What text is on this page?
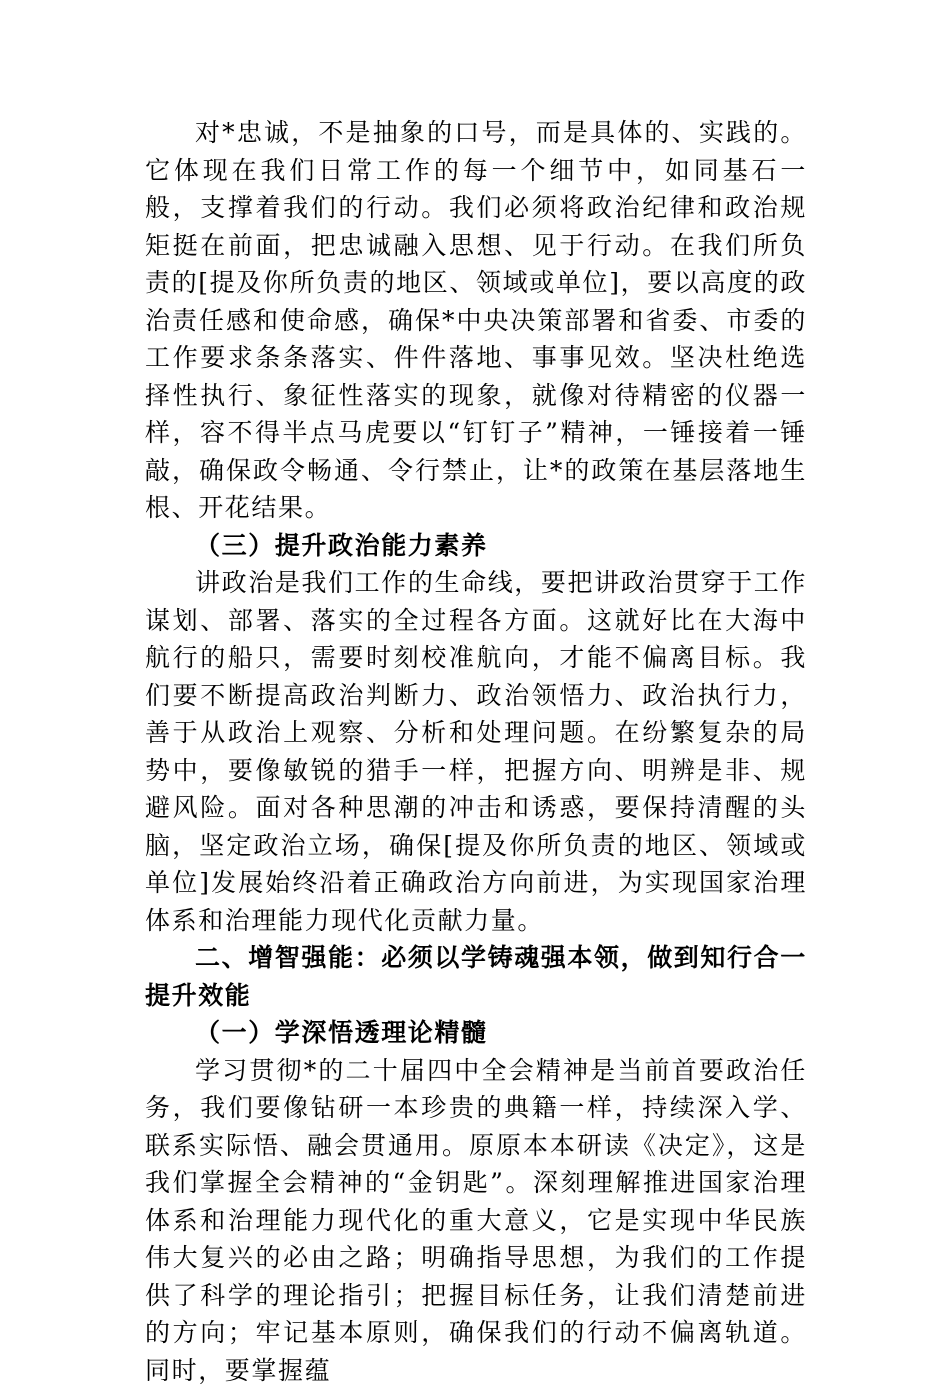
对*忠诚，不是抽象的口号，而是具体的、实践的。它体现在我们日常工作的每一个细节中，如同基石一般，支撑着我们的行动。我们必须将政治纪律和政治规矩挺在前面，把忠诚融入思想、见于行动。在我们所负责的[提及你所负责的地区、领域或单位]，要以高度的政治责任感和使命感，确保*中央决策部署和省委、市委的工作要求条条落实、件件落地、事事见效。坚决杜绝选择性执行、象征性落实的现象，就像对待精密的仪器一样，容不得半点马虎要以“钉钉子”精神，一锤接着一锤敲，确保政令畅通、令行禁止，让*的政策在基层落地生根、开花结果。

（三）提升政治能力素养

讲政治是我们工作的生命线，要把讲政治贯穿于工作谋划、部署、落实的全过程各方面。这就好比在大海中航行的船只，需要时刻校准航向，才能不偏离目标。我们要不断提高政治判断力、政治领悟力、政治执行力，善于从政治上观察、分析和处理问题。在纷繁复杂的局势中，要像敏锐的猎手一样，把握方向、明辨是非、规避风险。面对各种思潮的冲击和诱惑，要保持清醒的头脑，坚定政治立场，确保[提及你所负责的地区、领域或单位]发展始终沿着正确政治方向前进，为实现国家治理体系和治理能力现代化贡献力量。

二、增智强能：必须以学铸魂强本领，做到知行合一提升效能

（一）学深悟透理论精髓

学习贯彻*的二十届四中全会精神是当前首要政治任务，我们要像钻研一本珍贵的典籍一样，持续深入学、联系实际悟、融会贯通用。原原本本研读《决定》，这是我们掌握全会精神的“金钥匙”。深刻理解推进国家治理体系和治理能力现代化的重大意义，它是实现中华民族伟大复兴的必由之路；明确指导思想，为我们的工作提供了科学的理论指引；把握目标任务，让我们清楚前进的方向；牢记基本原则，确保我们的行动不偏离轨道。同时，要掌握蕴
